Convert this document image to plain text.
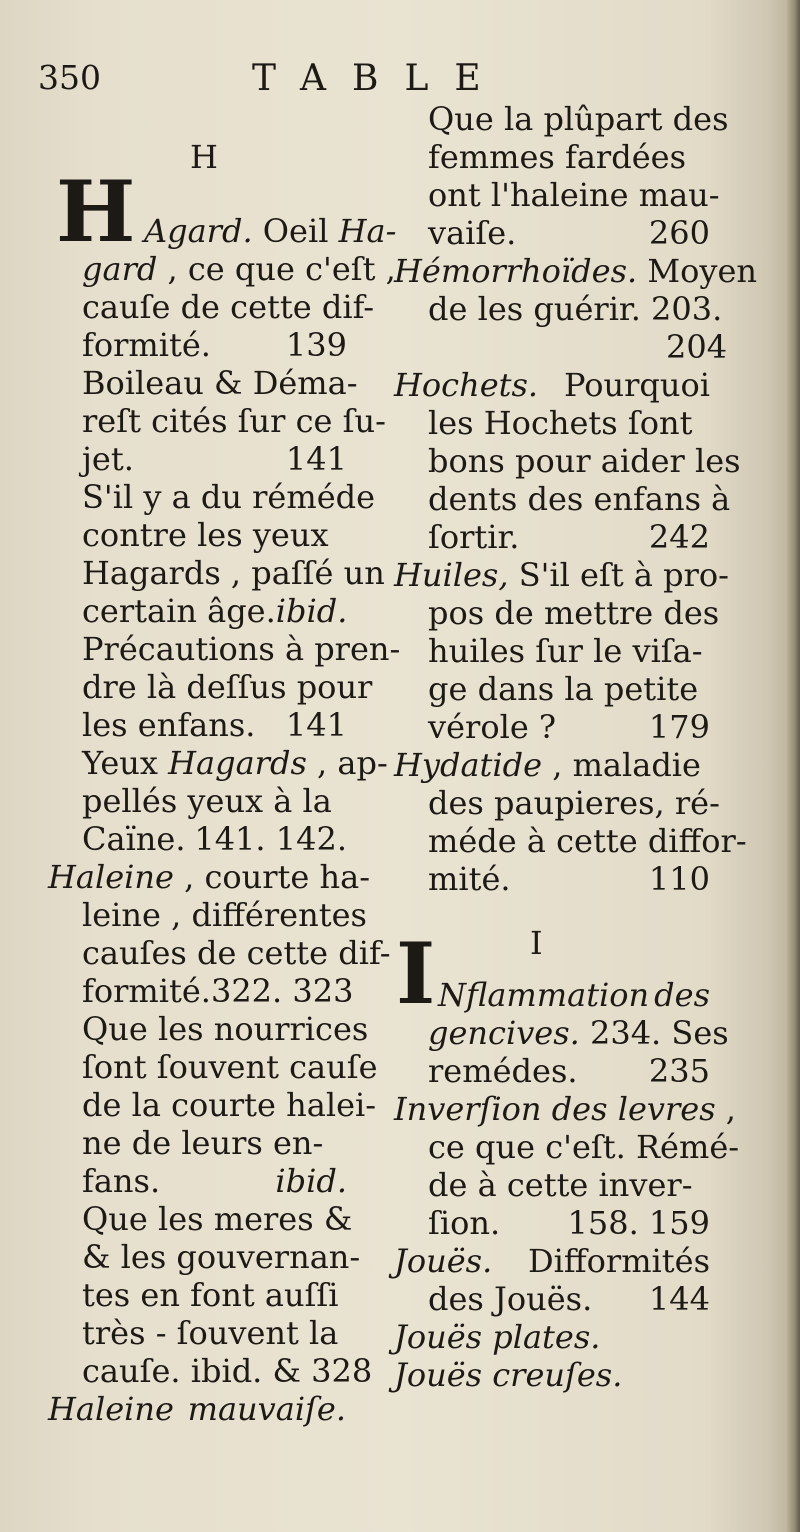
350	TABLE
H
H Agard. Oeil Ha-
gard , ce que c'eſt ,
cauſe de cette dif-
formité. 139
Boileau & Déma-
reſt cités ſur ce ſu-
jet.	141
S'il y a du réméde
contre les yeux
Hagards , paſſé un
certain âge. ibid.
Précautions à pren-
dre là deſſus pour
les enfans. 141
Yeux Hagards , ap-
pellés yeux à la
Caïne. 141. 142.
Haleine , courte ha-
leine , différentes
cauſes de cette dif-
formité. 322. 323
Que les nourrices
ſont ſouvent cauſe
de la courte halei-
ne de leurs en-
fans.	ibid.
Que les meres &
& les gouvernan-
tes en font auſſi
très - ſouvent la
cauſe. ibid. & 328
Haleine mauvaiſe.
Que la plûpart des
femmes fardées
ont l'haleine mau-
vaiſe.	260
Hémorrhoïdes. Moyen
de les guérir. 203.
204
Hochets. Pourquoi
les Hochets ſont
bons pour aider les
dents des enfans à
ſortir.	242
Huiles, S'il eſt à pro-
pos de mettre des
huiles ſur le viſa-
ge dans la petite
vérole ?	179
Hydatide , maladie
des paupieres, ré-
méde à cette diffor-
mité.	110
I
I Nflammation des
gencives. 234. Ses
remédes. 235
Inverſion des levres ,
ce que c'eſt. Rémé-
de à cette inver-
ſion. 158. 159
Jouës. Difformités
des Jouës. 144
Jouës plates.
Jouës creuſes.
